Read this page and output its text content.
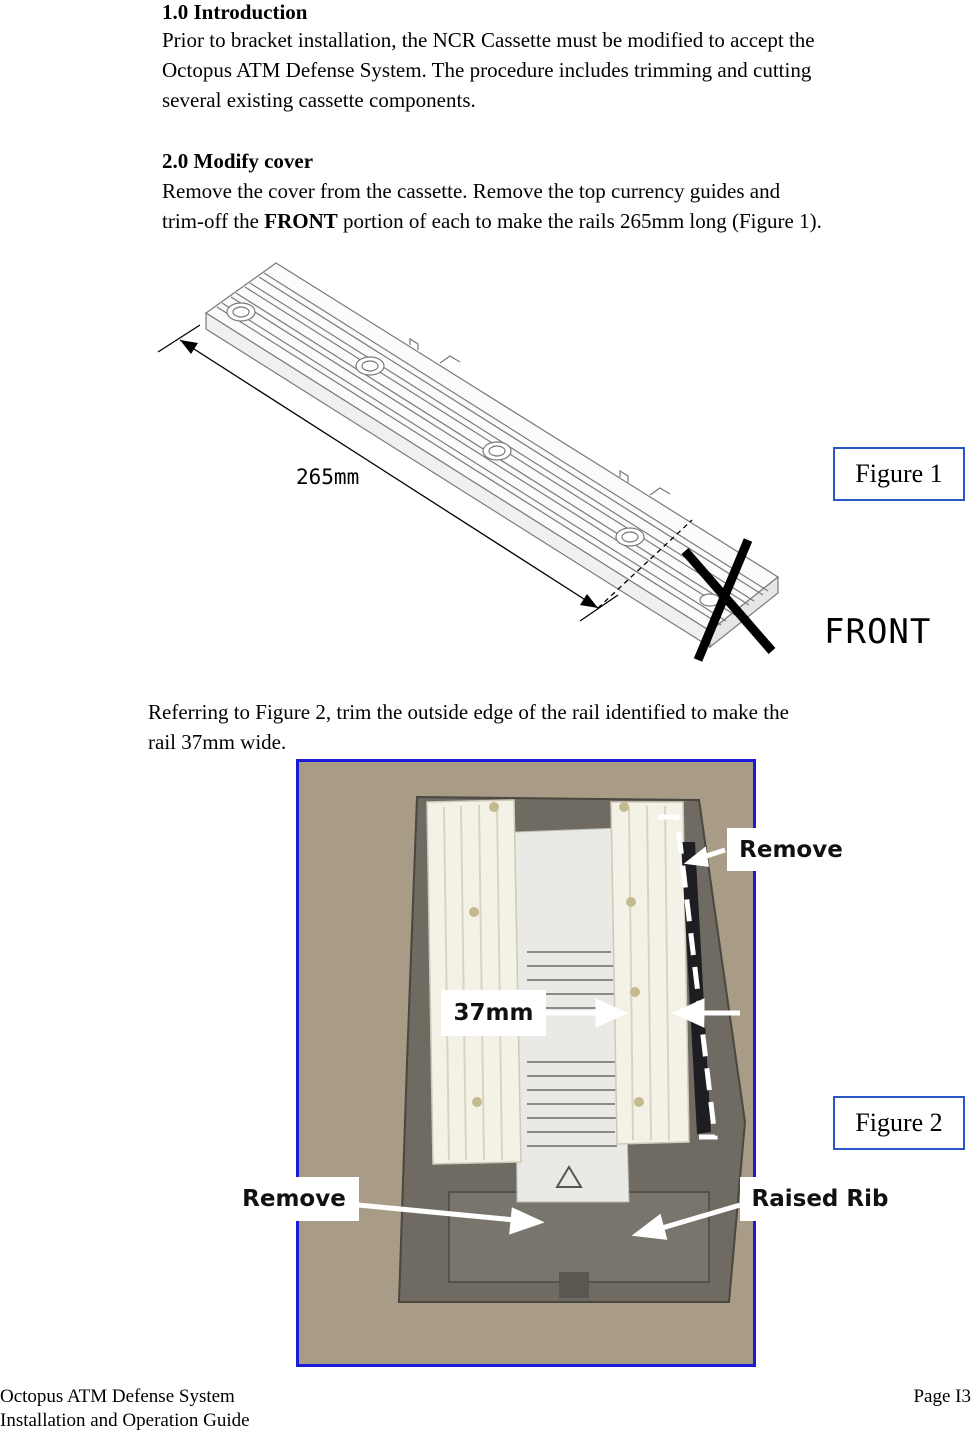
1.0 Introduction
Prior to bracket installation, the NCR Cassette must be modified to accept the
Octopus ATM Defense System. The procedure includes trimming and cutting
several existing cassette components.
2.0 Modify cover
Remove the cover from the cassette. Remove the top currency guides and
trim-off the FRONT portion of each to make the rails 265mm long (Figure 1).
265mm
FRONT
Figure 1
Referring to Figure 2, trim the outside edge of the rail identified to make the
rail 37mm wide.
Remove
37mm
Remove	Raised Rib
Figure 2
Octopus ATM Defense System
Installation and Operation Guide
Page I3
